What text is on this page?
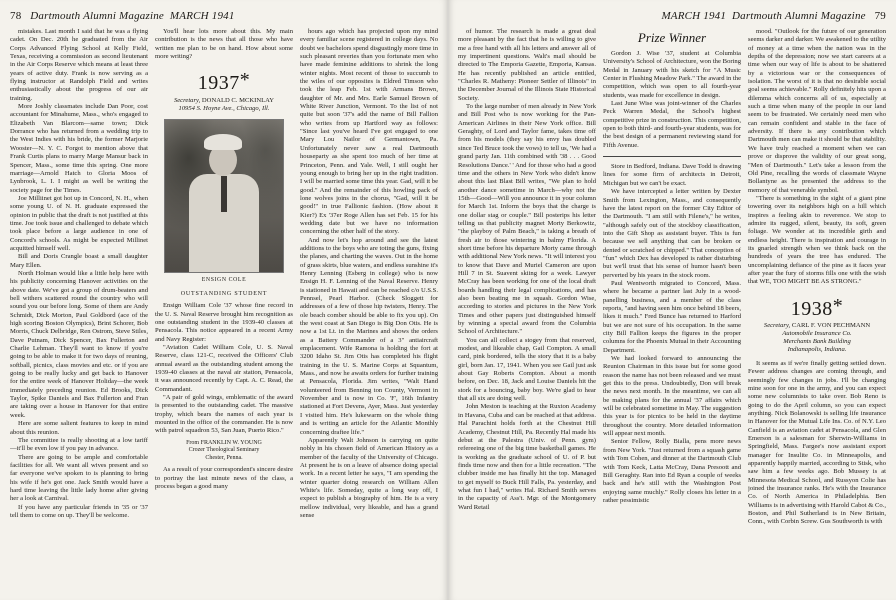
78 Dartmouth Alumni Magazine MARCH 1941

mistakes. Last month I said that he was a flying cadet. On Dec. 20th he graduated from the Air Corps Advanced Flying School at Kelly Field, Texas, receiving a commission as second lieutenant in the Air Corps Reserve which means at least three years of active duty. Frank is now serving as a flying instructor at Randolph Field and writes enthusiastically about the progress of our air training.

More Joshly classmates include Dan Poor, cost accountant for Minahume, Mass., who's engaged to Elizabeth Van Blarcom—same town; Dick Dorrance who has returned from a wedding trip to the West Indies with his bride, the former Marjorie Wooster—N. Y. C. Forgot to mention above that Frank Curtis plans to marry Marge Mansur back in Spencer, Mass., some time this spring. One more marriage—Arnold Hatch to Gloria Moos of Lynbrook, L. I. I might as well be writing the society page for the Times.

Joe Milliinet got hot up in Concord, N. H., when some young U. of N. H. graduate expressed the opinion in public that the draft is not justified at this time. Joe took issue and challenged to debate which took place before a large audience in one of Concord's schools. As might be expected Millinet acquitted himself well.

Bill and Doris Crangle boast a small daughter Mary Ellen.

North Holman would like a little help here with his publicity concerning Hanover activities on the above date. We've got a group of drum-beaters and bell withers scattered round the country who will sound you our before long. Some of them are Andy Schmidt, Dick Morton, Paul Goldbord (ace of the high scoring Boston Olympics), Brint Schorer, Bob Morris, Chuck Delbridge, Ren Ostrom, Steve Stiles, Dave Putnam, Dick Spencer, Bax Fullerton and Charlie Lehman. They'll want to know if you're going to be able to make it for two days of reuning, softball, picnics, class movies and etc. or if you are going to be really lucky and get back to Hanover for the entire week of Hanover Holiday—the week immediately preceding reunion. Ed Brooks, Dick Taylor, Spike Daniels and Bax Fullerton and Fran are taking over a house in Hanover for that entire week.

Here are some salient features to keep in mind about this reunion.

The committee is really shooting at a low tariff—it'll be even low if you pay in advance.

There are going to be ample and comfortable facilities for all. We want all wives present and so far everyone we've spoken to is planning to bring his wife if he's got one. Jack Smith would have a hard time leaving the little lady home after giving her a look at Carnival.

If you have any particular friends in '35 or '37 tell them to come on up. They'll be welcome.

You'll hear lots more about this. My main contribution is the news that all those who have written me plan to be on hand. How about some more writing?

1937*
Secretary, DONALD C. MCKINLAY
10954 S. Hoyne Ave., Chicago, Ill.
ENSIGN COLE
OUTSTANDING STUDENT

Ensign William Cole '37 whose fine record in the U. S. Naval Reserve brought him recognition as one outstanding student in the 1939-40 classes at Pensacola. This notice appeared in a recent Army and Navy Register:

"Aviation Cadet William Cole, U. S. Naval Reserve, class 121-C, received the Officers' Club annual award as the outstanding student among the 1939-40 classes at the naval air station, Pensacola, it was announced recently by Capt. A. C. Read, the Commandant.

"A pair of gold wings, emblematic of the award is presented to the outstanding cadet. The massive trophy, which bears the names of each year is mounted in the office of the commander. He is now with patrol squadron 53, San Juan, Puerto Rico."

From FRANKLIN W. YOUNG
Crozer Theological Seminary
Chester, Penna.

As a result of your correspondent's sincere desire to portray the last minute news of the class, a process began a good many

hours ago which has projected upon my mind every familiar scene registered in college days. No doubt we bachelors spend disgustingly more time in such pleasant reveries than you fortunate men who have made feminine additions to shrink the long winter nights. Most recent of those to succumb to the wiles of our opposites is Eldred Timson who took the leap Feb. 1st with Armans Brown, daughter of Mr. and Mrs. Earle Samuel Brown of White River Junction, Vermont. To the list of not quite but soon '37's add the name of Bill Fallion who writes from up Hartford way as follows: "Since last you've heard I've got engaged to one Mary Lou Nailor of Germantown, Pa. Unfortunately never saw a real Dartmouth houseparty as she spent too much of her time at Princeton, Penn. and Yale. Well, I still ought her young enough to bring her up in the right tradition. I will be married some time this year. Gad, will it be good." And the remainder of this howling pack of lone wolves joins in the chorus, "Gad, will it be good!" in true Fallionic fashion. (How about it Kier?) Ex '37er Roge Allen has set Feb. 15 for his wedding date but we have no information concerning the other half of the story.

And now let's hop around and see the latest additions to the boys who are toting the guns, fixing the planes, and charting the waves. Out in the home of grass skirts, blue waters, and endless sunshine it's Henry Lenning (Esberg in college) who is now Ensign H. F. Lenning of the Naval Reserve. Henry is stationed in Hawaii and can be reached c/o U.S.S. Pennsel, Pearl Harbor. (Check Sloggett for addresses of a few of those hip twisters, Henry. The ole beach comber should be able to fix you up). On the west coast at San Diego is Big Don Otis. He is now a 1st Lt. in the Marines and shows the orders as a Battery Commander of a 3" antiaircraft emplacement. Wife Ramona is holding the fort at 3200 Idaho St. Jim Otis has completed his flight training in the U. S. Marine Corps at Squantum, Mass., and now he awaits orders for further training at Pensacola, Florida. Jim writes, "Walt Hand volunteered from Benning ton County, Vermont in November and is now in Co. 'F', 16th Infantry stationed at Fort Devens, Ayer, Mass. Just yesterday I visited him. He's lukewarm on the whole thing and is writing an article for the Atlantic Monthly concerning draftee life."

Apparently Walt Johnson is carrying on quite nobly in his chosen field of American History as a member of the faculty of the University of Chicago. At present he is on a leave of absence doing special work. In a recent letter he says, "I am spending the winter quarter doing research on William Allen White's life. Someday, quite a long way off, I expect to publish a biography of him. He is a very mellow individual, very likeable, and has a grand sense

MARCH 1941 Dartmouth Alumni Magazine 79

of humor. The research is made a great deal more pleasant by the fact that he is willing to give me a free hand with all his letters and answer all of my impertinent questions. Walt's mail should be directed to The Emporia Gazette, Emporia, Kansas. He has recently published an article entitled, "Charles R. Matheny: Pioneer Settler of Illinois" in the December Journal of the Illinois State Historical Society.

To the large number of men already in New York and Bill Post who is now working for the Pan-American Airlines in their New York office. Bill Geraghty, of Lord and Taylor fame, takes time off from his models (they say his envy has doubled since Ted Bruce took the vows) to tell us, 'We had a grand party Jan. 11th combined with '38 . . . Good Resolutions Dance.' ' And for those who had a good time and the others in New York who didn't know about this last Blast Bill writes, "We plan to hold another dance sometime in March—why not the 15th—Good—Will you announce it in your column for March 1st. Inform the boys that the charge is one dollar stag or couple." Bill posterips his letter telling us that publicity magnet Morty Berkowitz, "the playboy of Palm Beach," is taking a breath of fresh air to those wintering in balmy Florida. A short time before his departure Morty came through with additional New York news. "It will interest you to know that Dave and Muriel Cameron are upon Hill 7 in St. Suavent skiing for a week. Lawyer McCray has been working for one of the local draft boards handling their legal complications, and has also been beating me in squash. Gordon Wise, according to stories and pictures in the New York Times and other papers just distinguished himself by winning a special award from the Columbia School of Architecture."

You can all collect a stogey from that reserved, modest, and likeable chap, Gail Compton. A small card, pink bordered, tells the story that it is a baby girl, born Jan. 17, 1941. When you see Gail just ask about Gay Roberts Compton. About a month before, on Dec. 18, Jack and Louise Daniels hit the stork for a bouncing, baby boy. We're glad to hear that all six are doing well.

John Meston is teaching at the Ruxton Academy in Havana, Cuba and can be reached at that address. Hal Parachini holds forth at the Chestnut Hill Academy, Chestnut Hill, Pa. Recently Hal made his debut at the Palestra (Univ. of Penn. gym) refereeing one of the big time basketball games. He is working as the graduate school of U. of P. but finds time now and then for a little recreation. "The clubber inside me has finally hit the top. Managed to get myself to Buck Hill Falls, Pa. yesterday, and what fun I had," writes Hal. Richard Smith serves in the capacity of Ass't. Mgr. of the Montgomery Ward Retail

Prize Winner

Gordon J. Wise '37, student at Columbia University's School of Architecture, won the Boring Medal in January with his sketch for "A Music Center in Flushing Meadow Park." The award in the competition, which was open to all fourth-year students, was made for excellence in design.

Last June Wise was joint-winner of the Charles Peck Warren Medal, the School's highest competitive prize in construction. This competition, open to both third- and fourth-year students, was for the best design of a permanent reviewing stand for Fifth Avenue.

Store in Bedford, Indiana. Dave Todd is drawing lines for some firm of architects in Detroit, Michigan but we can't be exact.

We have intercepted a letter written by Dexter Smith from Lexington, Mass., and consequently have the latest report on the former City Editor of the Dartmouth. "I am still with Filene's," he writes, "although safely out of the stockboy classification, into the Gift Shop as assistant buyer. This is fun because we sell anything that can be broken or dented or scratched or chipped." That conception of "fun" which Dex has developed is rather disturbing but we'll trust that his sense of humor hasn't been perverted by his years in the stock room.

Paul Wentworth migrated to Concord, Mass. where he became a partner last July in a wood-panelling business, and a member of the class reports, "and having seen him once behind 18 beers, likes it much." Fred Bunce has returned to Harford but we are not sure of his occupation. In the same city Bill Fallion keeps the figures in the proper columns for the Phoenix Mutual in their Accounting Department.

We had looked forward to announcing the Reunion Chairman in this issue but for some good reason the name has not been released and we must get this to the press. Undoubtedly, Don will break the news next month. In the meantime, we can all be making plans for the annual '37 affairs which will be celebrated sometime in May. The suggestion this year is for picnics to be held in the daytime throughout the country. More detailed information will appear next month.

Senior Fellow, Rolly Bialla, pens more news from New York. "Just returned from a squash game with Tom Cohen, and dinner at the Dartmouth Club with Tom Keck, Latta McCray, Dana Presoott and Bill Geraghty. Ran into Ed Ryan a couple of weeks back and he's still with the Washington Post enjoying same muchly." Rolly closes his letter in a rather pessimistic

mood. "Outlook for the future of our generation seems darker and darker. We awakened to the utility of money at a time when the nation was in the depths of the depression; now we start careers at a time when our way of life is about to be shattered by a victorious war or the consequences of isolation. The worst of it is that no desirable social goal seems achievable." Rolly definitely hits upon a dilemma which concerns all of us, especially at such a time when many of the people in our land seem to be frustrated. We certainly need men who can remain confident and stable in the face of adversity. If there is any contribution which Dartmouth men can make it should be that stability. We have truly reached a moment when we can prove or disprove the validity of our great song, "Men of Dartmouth." Let's take a lesson from the Old Pine, recalling the words of classmate Wayne Bollantyne as he presented the address to the memory of that venerable symbol.

"There is something in the sight of a giant pine towering over its neighbors high on a hill which inspires a feeling akin to reverence. We stop to admire its rugged, silent, beauty, its soft, green foliage. We wonder at its incredible girth and endless height. There is inspiration and courage in its gnarled strength when we think back on the hundreds of years the tree has endured. The uncomplaining defiance of the pine as it faces year after year the fury of storms fills one with the wish that WE, TOO MIGHT BE AS STRONG."

1938*
Secretary, CARL F. VON PECHMANN
Automobile Insurance Co.
Merchants Bank Building
Indianapolis, Indiana.

It seems as if we're finally getting settled down. Fewer address changes are coming through, and seemingly few changes in jobs. I'll be changing mine soon for one in the army, and you can expect some new columnists to take over. Bob Reno is going to do the April column, so you can expect anything. Nick Bolanowski is selling life insurance in Hanover for the Mutual Life Ins. Co. of N.Y. Leo Canfield is an aviation cadet at Pensacola, and Glen Emerson is a salesman for Sherwin-Williams in Springfield, Mass. Fargee's now assistant export manager for Insulite Co. in Minneapolis, and apparently happily married, according to Stisk, who saw him a few weeks ago. Bob Mussey is at Minnesota Medical School, and Russyon Colie has joined the insurance ranks. He's with the Insurance Co. of North America in Philadelphia. Ben Williams is in advertising with Harold Cabot & Co., Boston, and Phil Sutherland is in New Britain, Conn., with Corbin Screw. Gus Southworth is with
